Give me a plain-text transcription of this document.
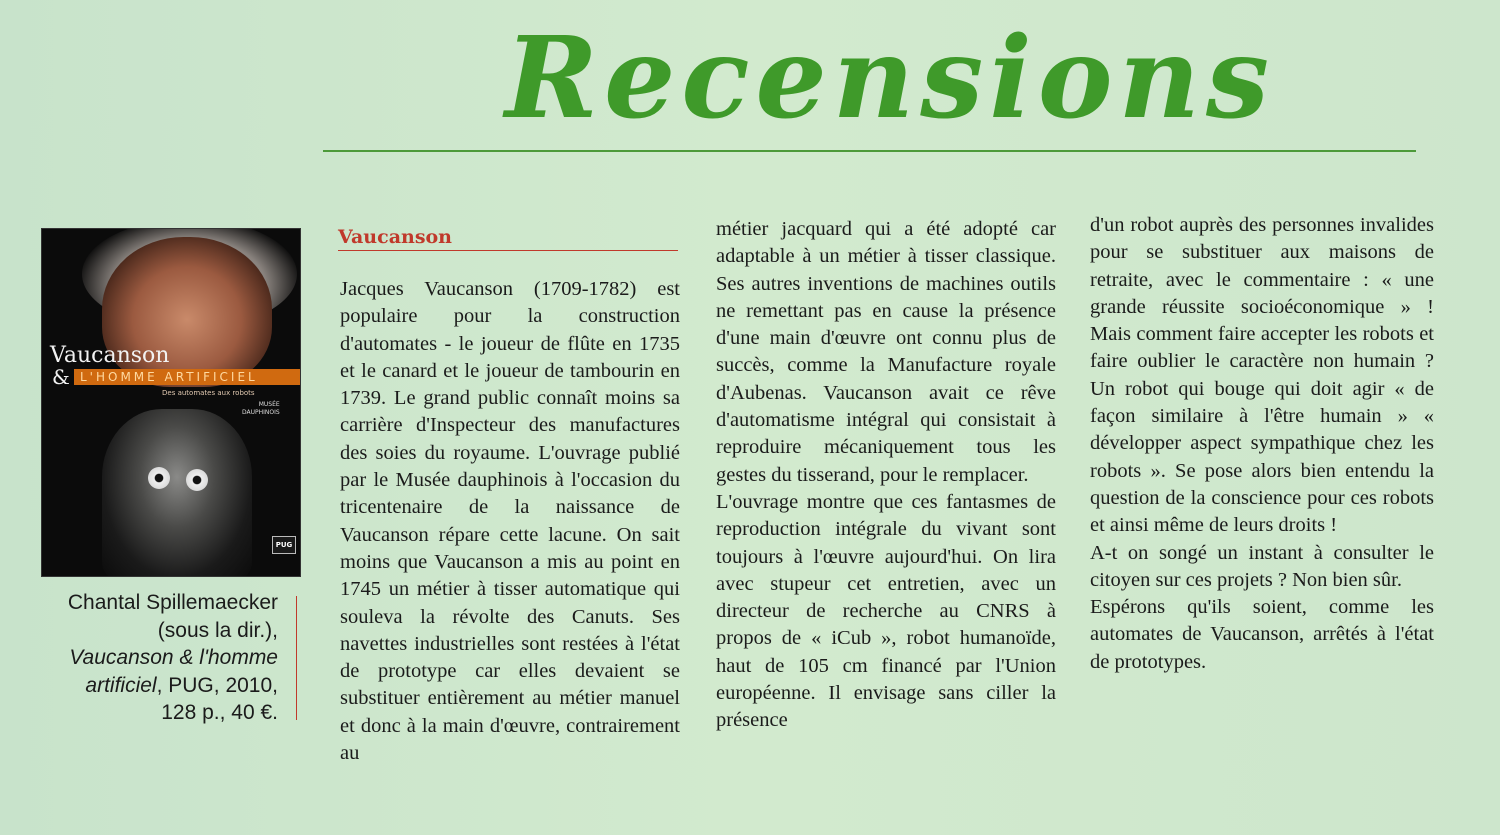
Recensions
Vaucanson
& L'HOMME ARTIFICIEL
Des automates aux robots
MUSÉE
DAUPHINOIS
PUG
Chantal Spillemaecker
(sous la dir.),
Vaucanson & l'homme
artificiel, PUG, 2010,
128 p., 40 €.
Vaucanson

Jacques Vaucanson (1709-1782) est populaire pour la construction d'automates - le joueur de flûte en 1735 et le canard et le joueur de tambourin en 1739. Le grand public connaît moins sa carrière d'Inspecteur des manufactures des soies du royaume. L'ouvrage publié par le Musée dauphinois à l'occasion du tricentenaire de la naissance de Vaucanson répare cette lacune. On sait moins que Vaucanson a mis au point en 1745 un métier à tisser automatique qui souleva la révolte des Canuts. Ses navettes industrielles sont restées à l'état de prototype car elles devaient se substituer entièrement au métier manuel et donc à la main d'œuvre, contrairement au

métier jacquard qui a été adopté car adaptable à un métier à tisser classique. Ses autres inventions de machines outils ne remettant pas en cause la présence d'une main d'œuvre ont connu plus de succès, comme la Manufacture royale d'Aubenas. Vaucanson avait ce rêve d'automatisme intégral qui consistait à reproduire mécaniquement tous les gestes du tisserand, pour le remplacer.

L'ouvrage montre que ces fantasmes de reproduction intégrale du vivant sont toujours à l'œuvre aujourd'hui. On lira avec stupeur cet entretien, avec un directeur de recherche au CNRS à propos de « iCub », robot humanoïde, haut de 105 cm financé par l'Union européenne. Il envisage sans ciller la présence

d'un robot auprès des personnes invalides pour se substituer aux maisons de retraite, avec le commentaire : « une grande réussite socioéconomique » ! Mais comment faire accepter les robots et faire oublier le caractère non humain ? Un robot qui bouge qui doit agir « de façon similaire à l'être humain » « développer aspect sympathique chez les robots ». Se pose alors bien entendu la question de la conscience pour ces robots et ainsi même de leurs droits !

A-t on songé un instant à consulter le citoyen sur ces projets ? Non bien sûr.

Espérons qu'ils soient, comme les automates de Vaucanson, arrêtés à l'état de prototypes.
